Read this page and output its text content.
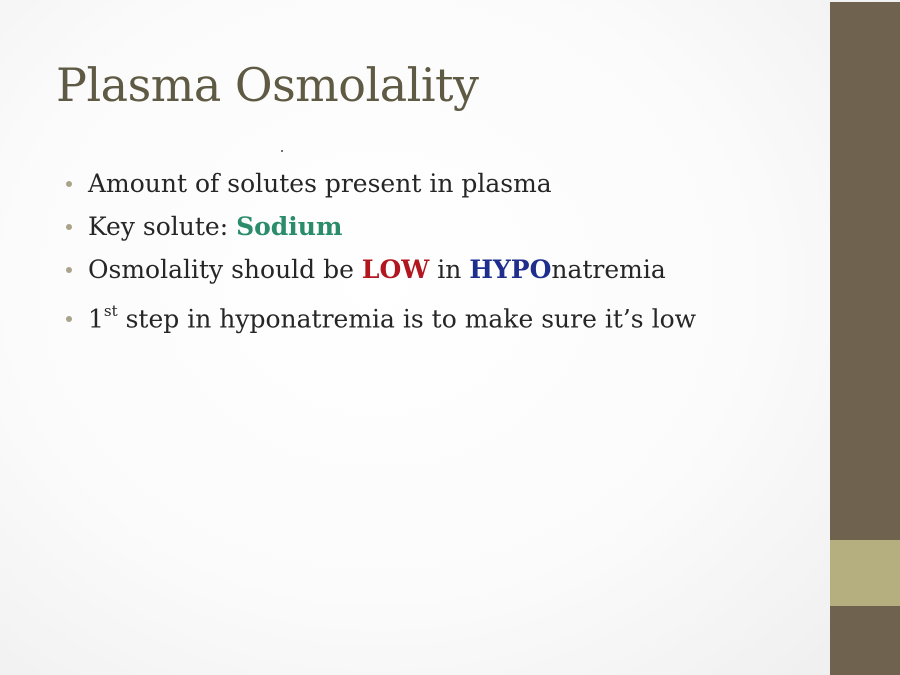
Plasma Osmolality
Amount of solutes present in plasma
Key solute: Sodium
Osmolality should be LOW in HYPOnatremia
1st step in hyponatremia is to make sure it’s low
